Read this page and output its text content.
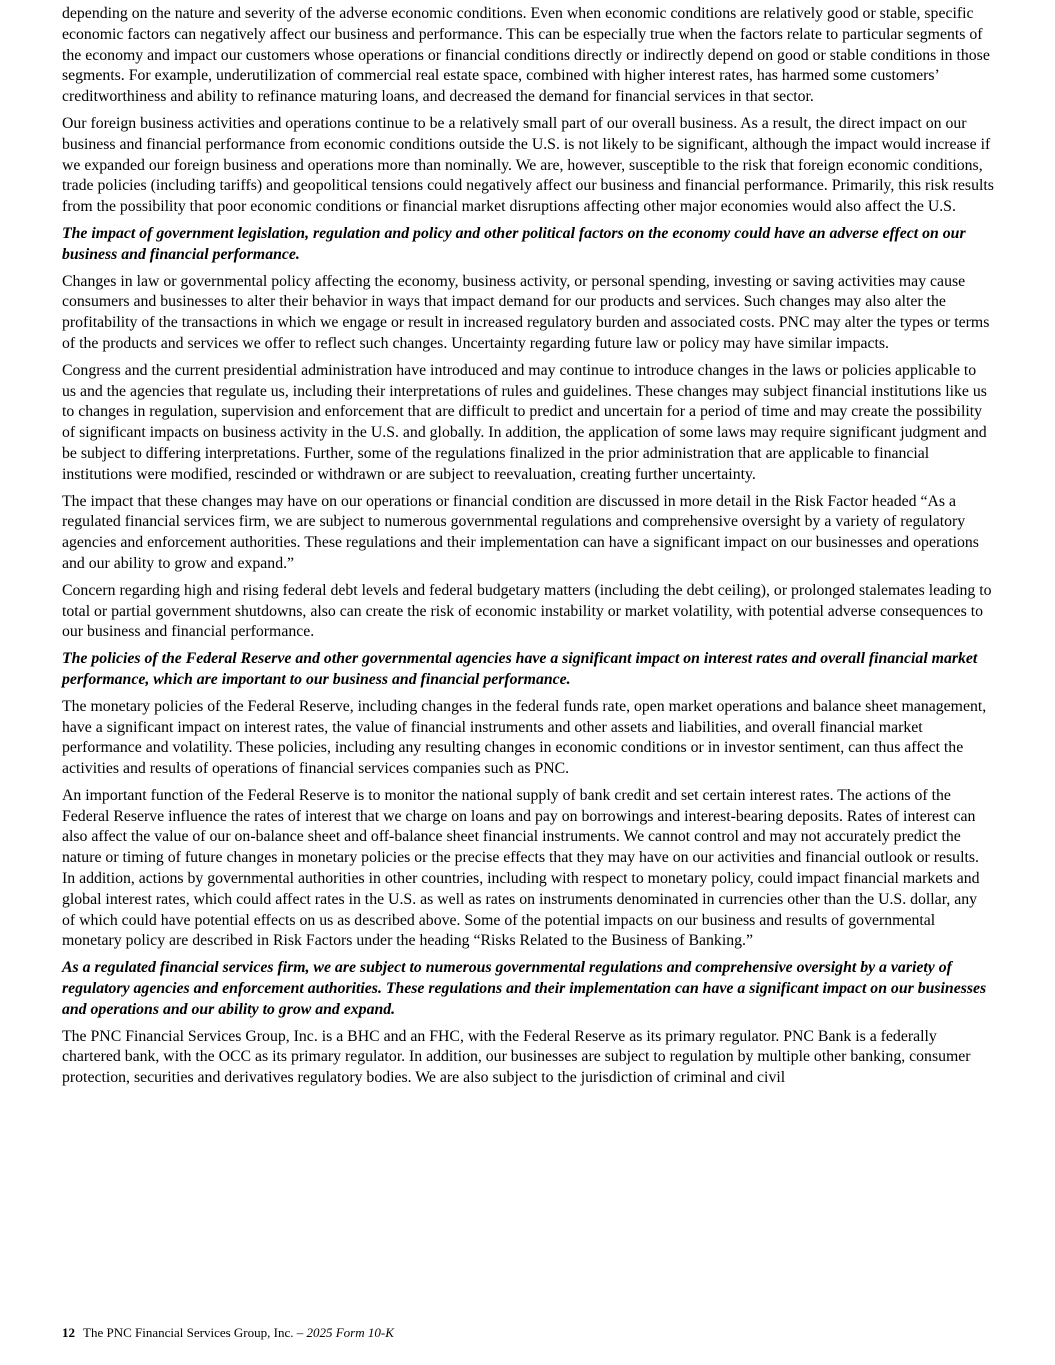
depending on the nature and severity of the adverse economic conditions. Even when economic conditions are relatively good or stable, specific economic factors can negatively affect our business and performance. This can be especially true when the factors relate to particular segments of the economy and impact our customers whose operations or financial conditions directly or indirectly depend on good or stable conditions in those segments. For example, underutilization of commercial real estate space, combined with higher interest rates, has harmed some customers’ creditworthiness and ability to refinance maturing loans, and decreased the demand for financial services in that sector.

Our foreign business activities and operations continue to be a relatively small part of our overall business. As a result, the direct impact on our business and financial performance from economic conditions outside the U.S. is not likely to be significant, although the impact would increase if we expanded our foreign business and operations more than nominally. We are, however, susceptible to the risk that foreign economic conditions, trade policies (including tariffs) and geopolitical tensions could negatively affect our business and financial performance. Primarily, this risk results from the possibility that poor economic conditions or financial market disruptions affecting other major economies would also affect the U.S.

The impact of government legislation, regulation and policy and other political factors on the economy could have an adverse effect on our business and financial performance.

Changes in law or governmental policy affecting the economy, business activity, or personal spending, investing or saving activities may cause consumers and businesses to alter their behavior in ways that impact demand for our products and services. Such changes may also alter the profitability of the transactions in which we engage or result in increased regulatory burden and associated costs. PNC may alter the types or terms of the products and services we offer to reflect such changes. Uncertainty regarding future law or policy may have similar impacts.

Congress and the current presidential administration have introduced and may continue to introduce changes in the laws or policies applicable to us and the agencies that regulate us, including their interpretations of rules and guidelines. These changes may subject financial institutions like us to changes in regulation, supervision and enforcement that are difficult to predict and uncertain for a period of time and may create the possibility of significant impacts on business activity in the U.S. and globally. In addition, the application of some laws may require significant judgment and be subject to differing interpretations. Further, some of the regulations finalized in the prior administration that are applicable to financial institutions were modified, rescinded or withdrawn or are subject to reevaluation, creating further uncertainty.

The impact that these changes may have on our operations or financial condition are discussed in more detail in the Risk Factor headed “As a regulated financial services firm, we are subject to numerous governmental regulations and comprehensive oversight by a variety of regulatory agencies and enforcement authorities. These regulations and their implementation can have a significant impact on our businesses and operations and our ability to grow and expand.”

Concern regarding high and rising federal debt levels and federal budgetary matters (including the debt ceiling), or prolonged stalemates leading to total or partial government shutdowns, also can create the risk of economic instability or market volatility, with potential adverse consequences to our business and financial performance.

The policies of the Federal Reserve and other governmental agencies have a significant impact on interest rates and overall financial market performance, which are important to our business and financial performance.

The monetary policies of the Federal Reserve, including changes in the federal funds rate, open market operations and balance sheet management, have a significant impact on interest rates, the value of financial instruments and other assets and liabilities, and overall financial market performance and volatility. These policies, including any resulting changes in economic conditions or in investor sentiment, can thus affect the activities and results of operations of financial services companies such as PNC.

An important function of the Federal Reserve is to monitor the national supply of bank credit and set certain interest rates. The actions of the Federal Reserve influence the rates of interest that we charge on loans and pay on borrowings and interest-bearing deposits. Rates of interest can also affect the value of our on-balance sheet and off-balance sheet financial instruments. We cannot control and may not accurately predict the nature or timing of future changes in monetary policies or the precise effects that they may have on our activities and financial outlook or results. In addition, actions by governmental authorities in other countries, including with respect to monetary policy, could impact financial markets and global interest rates, which could affect rates in the U.S. as well as rates on instruments denominated in currencies other than the U.S. dollar, any of which could have potential effects on us as described above. Some of the potential impacts on our business and results of governmental monetary policy are described in Risk Factors under the heading “Risks Related to the Business of Banking.”

As a regulated financial services firm, we are subject to numerous governmental regulations and comprehensive oversight by a variety of regulatory agencies and enforcement authorities. These regulations and their implementation can have a significant impact on our businesses and operations and our ability to grow and expand.

The PNC Financial Services Group, Inc. is a BHC and an FHC, with the Federal Reserve as its primary regulator. PNC Bank is a federally chartered bank, with the OCC as its primary regulator. In addition, our businesses are subject to regulation by multiple other banking, consumer protection, securities and derivatives regulatory bodies. We are also subject to the jurisdiction of criminal and civil

12 The PNC Financial Services Group, Inc. – 2025 Form 10-K
